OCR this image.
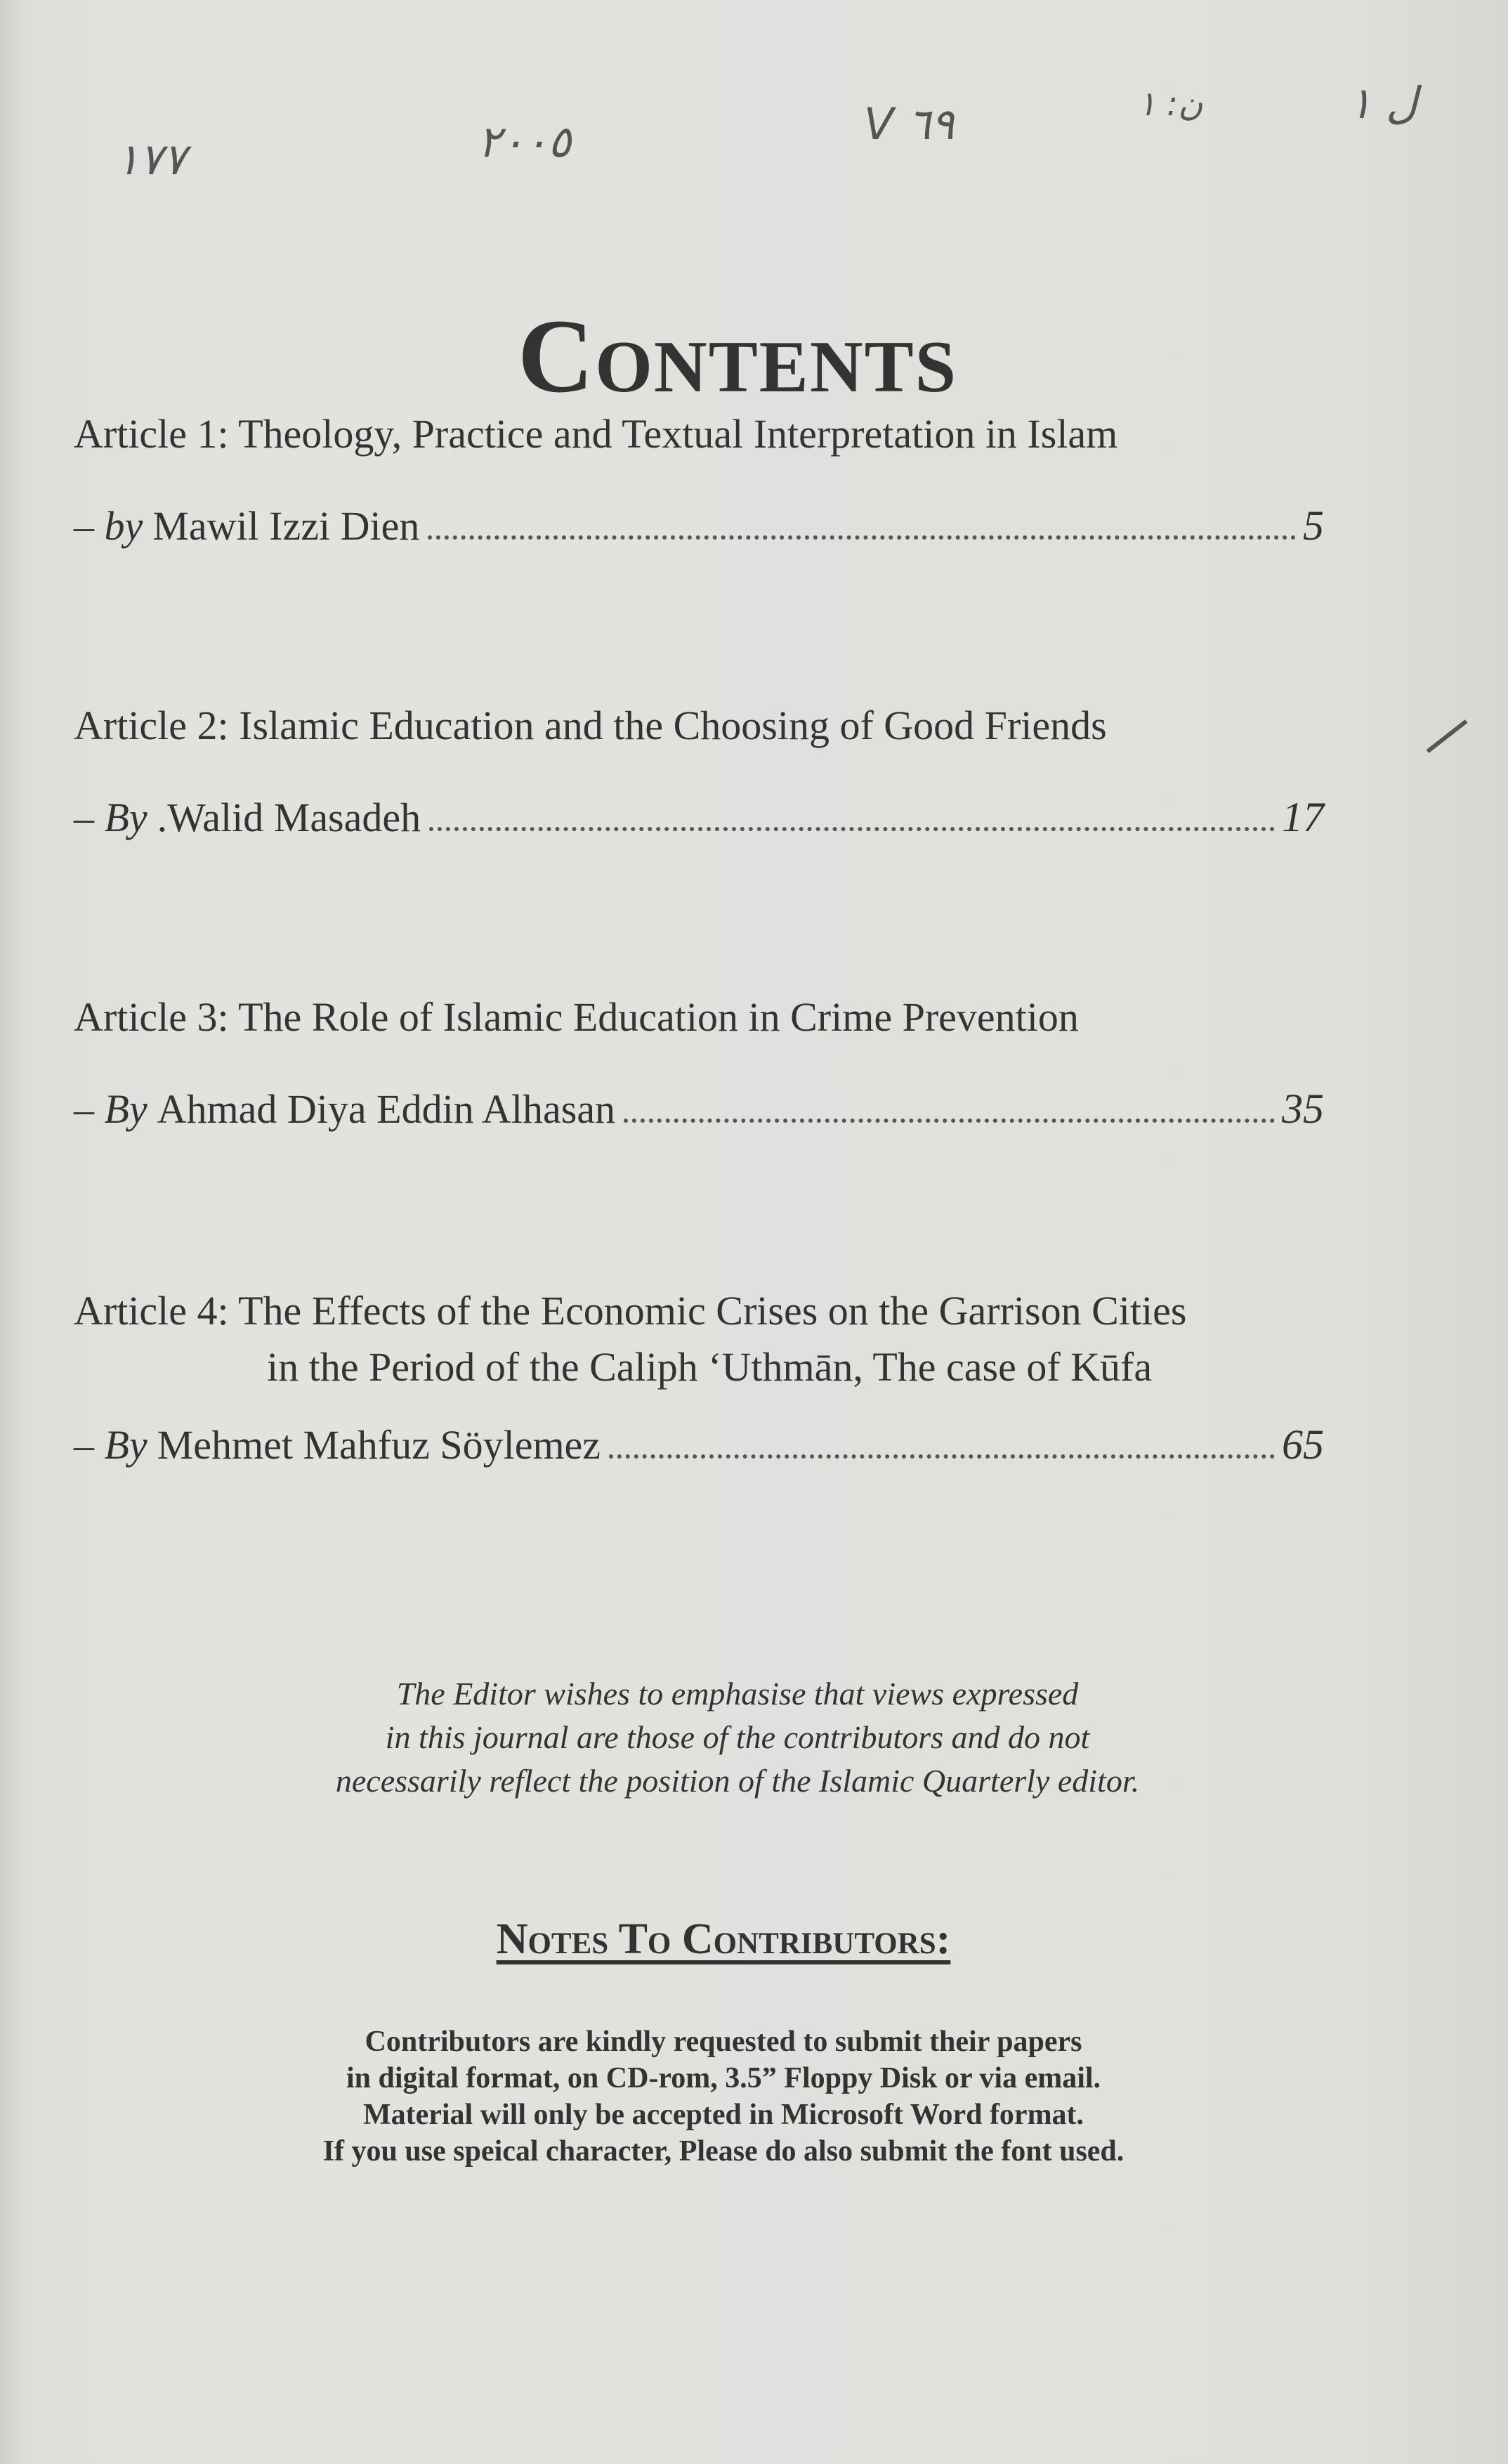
١٧٧	٢٠٠٥	V ٦٩	ن: ١	ل ١
Contents
Article 1: Theology, Practice and Textual Interpretation in Islam
– by Mawil Izzi Dien	5
Article 2: Islamic Education and the Choosing of Good Friends
– By .Walid Masadeh	17
Article 3: The Role of Islamic Education in Crime Prevention
– By Ahmad Diya Eddin Alhasan	35
Article 4: The Effects of the Economic Crises on the Garrison Cities
in the Period of the Caliph ‘Uthmān, The case of Kūfa
– By Mehmet Mahfuz Söylemez	65
The Editor wishes to emphasise that views expressed
in this journal are those of the contributors and do not
necessarily reflect the position of the Islamic Quarterly editor.
Notes To Contributors:
Contributors are kindly requested to submit their papers
in digital format, on CD-rom, 3.5” Floppy Disk or via email.
Material will only be accepted in Microsoft Word format.
If you use speical character, Please do also submit the font used.
